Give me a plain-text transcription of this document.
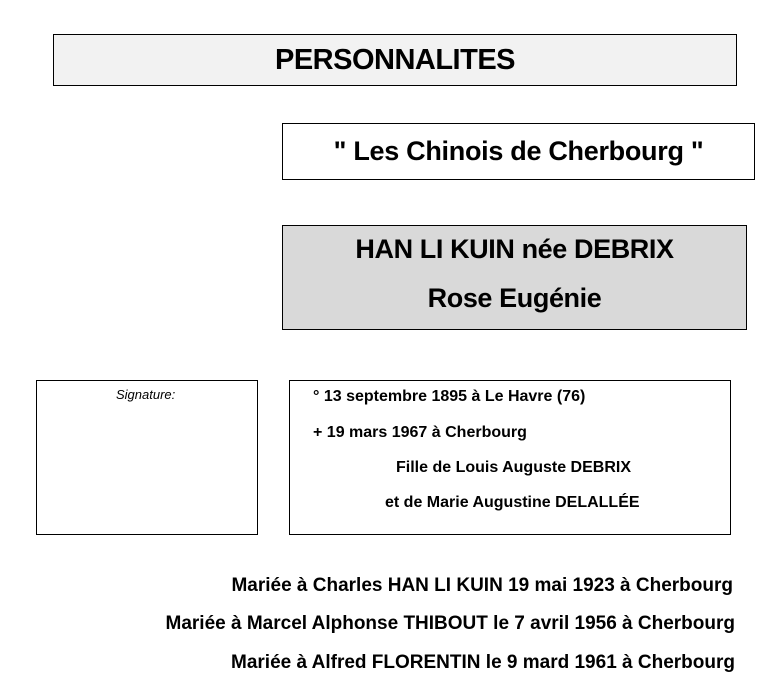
PERSONNALITES
" Les Chinois de Cherbourg "
HAN LI KUIN née DEBRIX
Rose Eugénie
Signature:	° 13 septembre 1895 à Le Havre (76)
+ 19 mars 1967 à Cherbourg
Fille de Louis Auguste DEBRIX
et de Marie Augustine DELALLÉE
Mariée à Charles HAN LI KUIN 19 mai 1923 à Cherbourg
Mariée à Marcel Alphonse THIBOUT le 7 avril 1956 à Cherbourg
Mariée à Alfred FLORENTIN le 9 mard 1961 à Cherbourg
